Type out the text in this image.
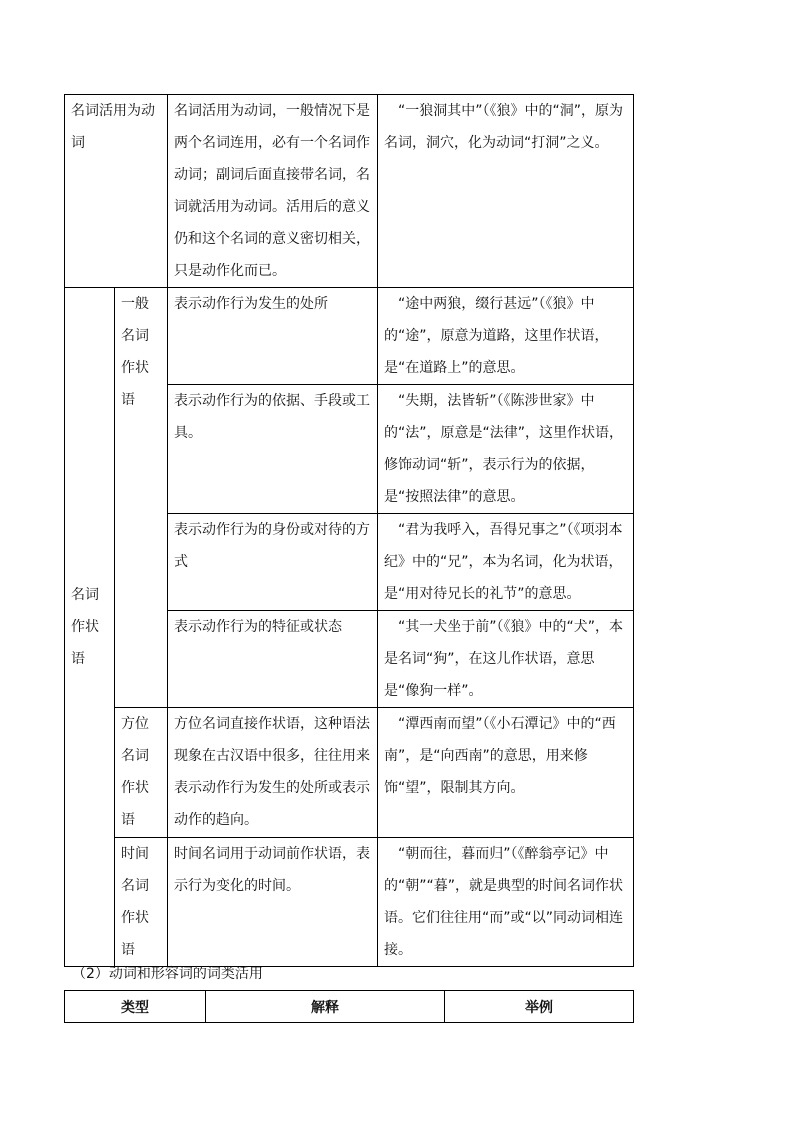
名词活用为动词		名词活用为动词，一般情况下是两个名词连用，必有一个名词作动词；副词后面直接带名词，名词就活用为动词。活用后的意义仍和这个名词的意义密切相关，只是动作化而已。	“一狼洞其中”（《狼》中的“洞”，原为名词，洞穴，化为动词“打洞”之义。
名词作状语	一般名词作状语	表示动作行为发生的处所	“途中两狼，缀行甚远”（《狼》中的“途”，原意为道路，这里作状语，是“在道路上”的意思。
		表示动作行为的依据、手段或工具。	“失期，法皆斩”（《陈涉世家》中的“法”，原意是“法律”，这里作状语，修饰动词“斩”，表示行为的依据，是“按照法律”的意思。
		表示动作行为的身份或对待的方式	“君为我呼入，吾得兄事之”（《项羽本纪》中的“兄”，本为名词，化为状语，是“用对待兄长的礼节”的意思。
		表示动作行为的特征或状态	“其一犬坐于前”（《狼》中的“犬”，本是名词“狗”，在这儿作状语，意思是“像狗一样”。
	方位名词作状语	方位名词直接作状语，这种语法现象在古汉语中很多，往往用来表示动作行为发生的处所或表示动作的趋向。	“潭西南而望”（《小石潭记》中的“西南”，是“向西南”的意思，用来修饰“望”，限制其方向。
	时间名词作状语	时间名词用于动词前作状语，表示行为变化的时间。	“朝而往，暮而归”（《醉翁亭记》中的“朝”“暮”，就是典型的时间名词作状语。它们往往用“而”或“以”同动词相连接。
（2）动词和形容词的词类活用
类型	解释	举例
